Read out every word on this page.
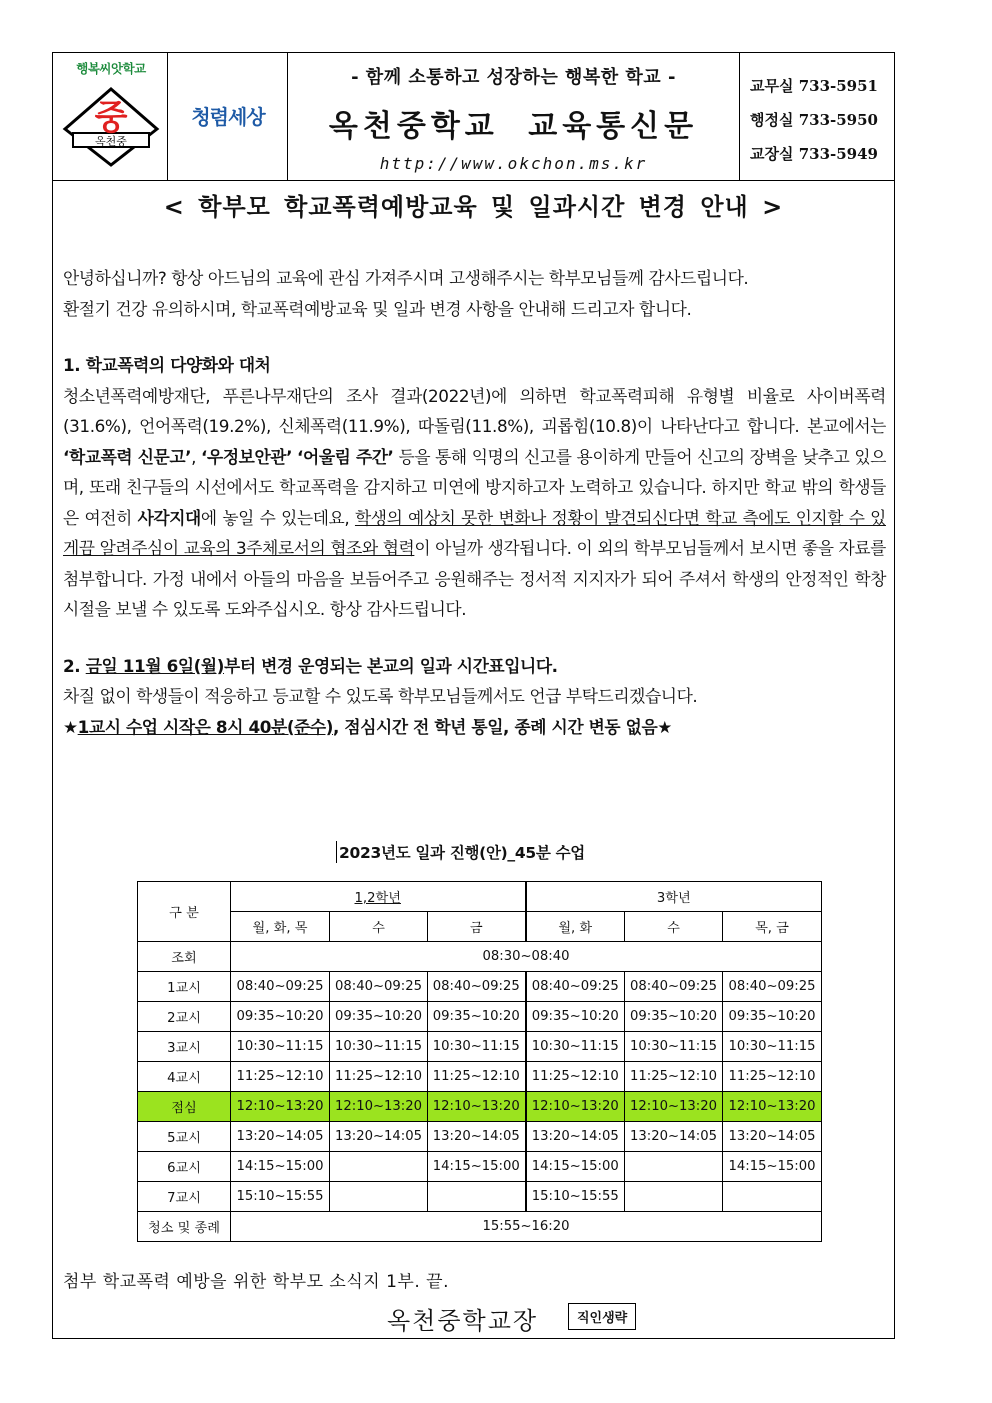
행복씨앗학교
중
옥천중
청렴세상
- 함께 소통하고 성장하는 행복한 학교 -
옥천중학교 교육통신문
http://www.okchon.ms.kr
교무실 733-5951
행정실 733-5950
교장실 733-5949
< 학부모 학교폭력예방교육 및 일과시간 변경 안내 >

안녕하십니까? 항상 아드님의 교육에 관심 가져주시며 고생해주시는 학부모님들께 감사드립니다.

환절기 건강 유의하시며, 학교폭력예방교육 및 일과 변경 사항을 안내해 드리고자 합니다.

1. 학교폭력의 다양화와 대처

청소년폭력예방재단, 푸른나무재단의 조사 결과(2022년)에 의하면 학교폭력피해 유형별 비율로 사이버폭력(31.6%), 언어폭력(19.2%), 신체폭력(11.9%), 따돌림(11.8%), 괴롭힘(10.8)이 나타난다고 합니다. 본교에서는 ‘학교폭력 신문고’, ‘우정보안관’ ‘어울림 주간’ 등을 통해 익명의 신고를 용이하게 만들어 신고의 장벽을 낮추고 있으며, 또래 친구들의 시선에서도 학교폭력을 감지하고 미연에 방지하고자 노력하고 있습니다. 하지만 학교 밖의 학생들은 여전히 사각지대에 놓일 수 있는데요, 학생의 예상치 못한 변화나 정황이 발견되신다면 학교 측에도 인지할 수 있게끔 알려주심이 교육의 3주체로서의 협조와 협력이 아닐까 생각됩니다. 이 외의 학부모님들께서 보시면 좋을 자료를 첨부합니다. 가정 내에서 아들의 마음을 보듬어주고 응원해주는 정서적 지지자가 되어 주셔서 학생의 안정적인 학창 시절을 보낼 수 있도록 도와주십시오. 항상 감사드립니다.

2. 금일 11월 6일(월)부터 변경 운영되는 본교의 일과 시간표입니다.

차질 없이 학생들이 적응하고 등교할 수 있도록 학부모님들께서도 언급 부탁드리겠습니다.

★1교시 수업 시작은 8시 40분(준수), 점심시간 전 학년 통일, 종례 시간 변동 없음★

2023년도 일과 진행(안)_45분 수업
구 분	1,2학년			3학년		
	월, 화, 목	수	금	월, 화	수	목, 금
조회	08:30~08:40					
1교시	08:40~09:25	08:40~09:25	08:40~09:25	08:40~09:25	08:40~09:25	08:40~09:25
2교시	09:35~10:20	09:35~10:20	09:35~10:20	09:35~10:20	09:35~10:20	09:35~10:20
3교시	10:30~11:15	10:30~11:15	10:30~11:15	10:30~11:15	10:30~11:15	10:30~11:15
4교시	11:25~12:10	11:25~12:10	11:25~12:10	11:25~12:10	11:25~12:10	11:25~12:10
점심	12:10~13:20	12:10~13:20	12:10~13:20	12:10~13:20	12:10~13:20	12:10~13:20
5교시	13:20~14:05	13:20~14:05	13:20~14:05	13:20~14:05	13:20~14:05	13:20~14:05
6교시	14:15~15:00		14:15~15:00	14:15~15:00		14:15~15:00
7교시	15:10~15:55			15:10~15:55		
청소 및 종례	15:55~16:20					
첨부 학교폭력 예방을 위한 학부모 소식지 1부. 끝.
옥천중학교장	직인생략
